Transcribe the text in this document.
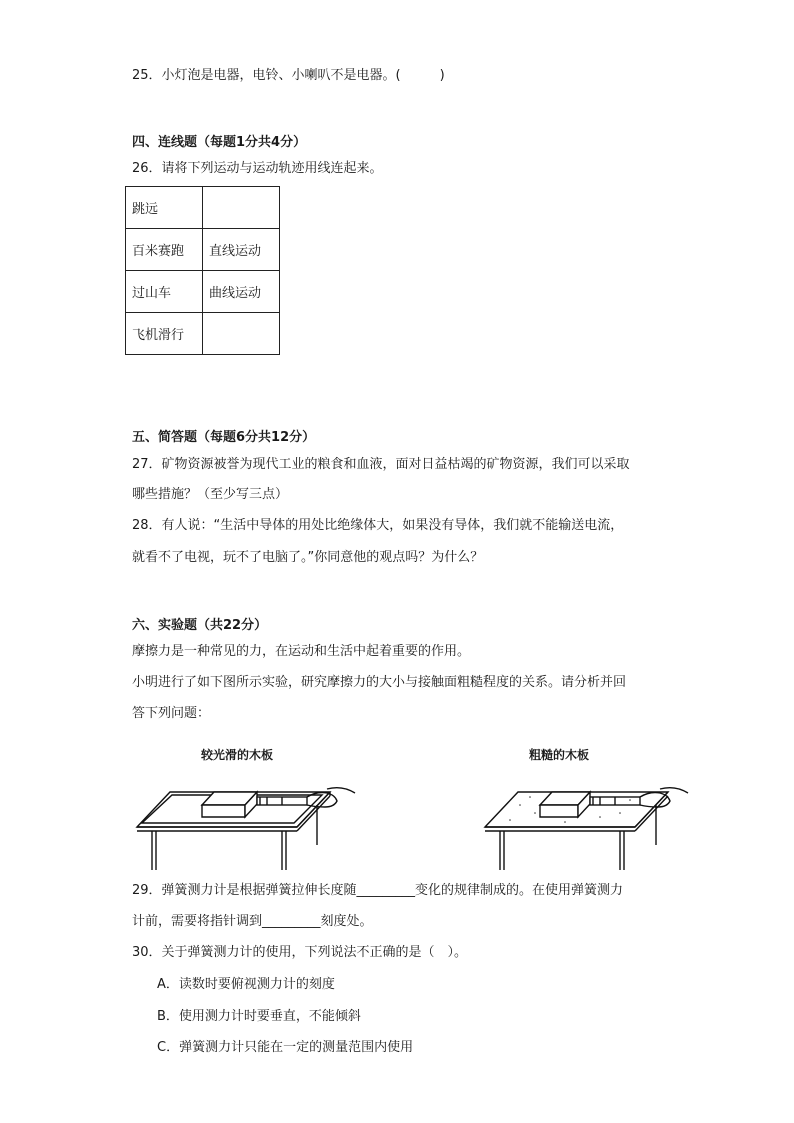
25．小灯泡是电器，电铃、小喇叭不是电器。(　　　)
四、连线题（每题1分共4分）
26．请将下列运动与运动轨迹用线连起来。
跳远	
百米赛跑	直线运动
过山车	曲线运动
飞机滑行	
五、简答题（每题6分共12分）
27．矿物资源被誉为现代工业的粮食和血液，面对日益枯竭的矿物资源，我们可以采取
哪些措施？（至少写三点）
28．有人说：“生活中导体的用处比绝缘体大，如果没有导体，我们就不能输送电流，
就看不了电视，玩不了电脑了。”你同意他的观点吗？为什么？
六、实验题（共22分）
摩擦力是一种常见的力，在运动和生活中起着重要的作用。
小明进行了如下图所示实验，研究摩擦力的大小与接触面粗糙程度的关系。请分析并回
答下列问题：
较光滑的木板	粗糙的木板
29．弹簧测力计是根据弹簧拉伸长度随_________变化的规律制成的。在使用弹簧测力
计前，需要将指针调到_________刻度处。
30．关于弹簧测力计的使用，下列说法不正确的是（　）。
A．读数时要俯视测力计的刻度
B．使用测力计时要垂直，不能倾斜
C．弹簧测力计只能在一定的测量范围内使用
